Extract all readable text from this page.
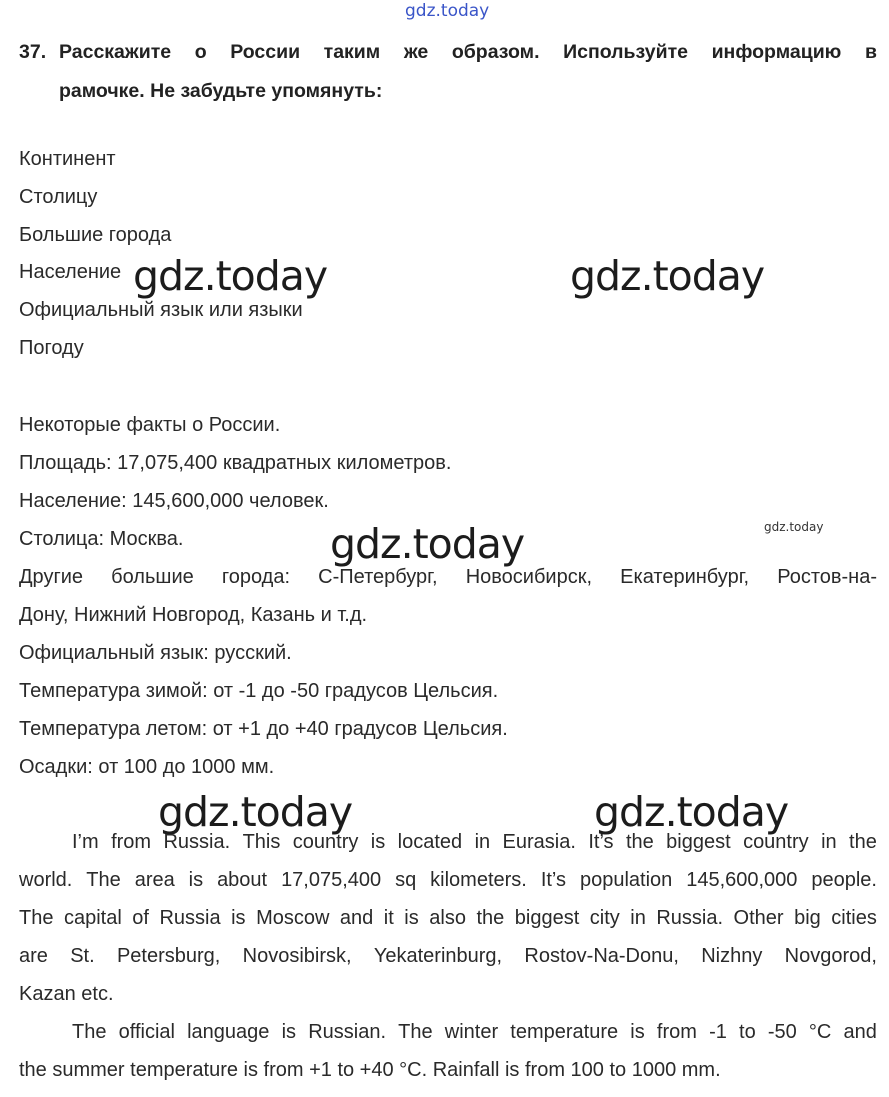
gdz.today
gdz.today	gdz.today
gdz.today	gdz.today
gdz.today	gdz.today
37. Расскажите о России таким же образом. Используйте информацию в
рамочке. Не забудьте упомянуть:
Континент
Столицу
Большие города
Население
Официальный язык или языки
Погоду
Некоторые факты о России.
Площадь: 17,075,400 квадратных километров.
Население: 145,600,000 человек.
Столица: Москва.
Другие большие города: С-Петербург, Новосибирск, Екатеринбург, Ростов-на-
Дону, Нижний Новгород, Казань и т.д.
Официальный язык: русский.
Температура зимой: от -1 до -50 градусов Цельсия.
Температура летом: от +1 до +40 градусов Цельсия.
Осадки: от 100 до 1000 мм.
I’m from Russia. This country is located in Eurasia. It’s the biggest country in the
world. The area is about 17,075,400 sq kilometers. It’s population 145,600,000 people.
The capital of Russia is Moscow and it is also the biggest city in Russia. Other big cities
are St. Petersburg, Novosibirsk, Yekaterinburg, Rostov-Na-Donu, Nizhny Novgorod,
Kazan etc.
The official language is Russian. The winter temperature is from -1 to -50 °C and
the summer temperature is from +1 to +40 °C. Rainfall is from 100 to 1000 mm.
